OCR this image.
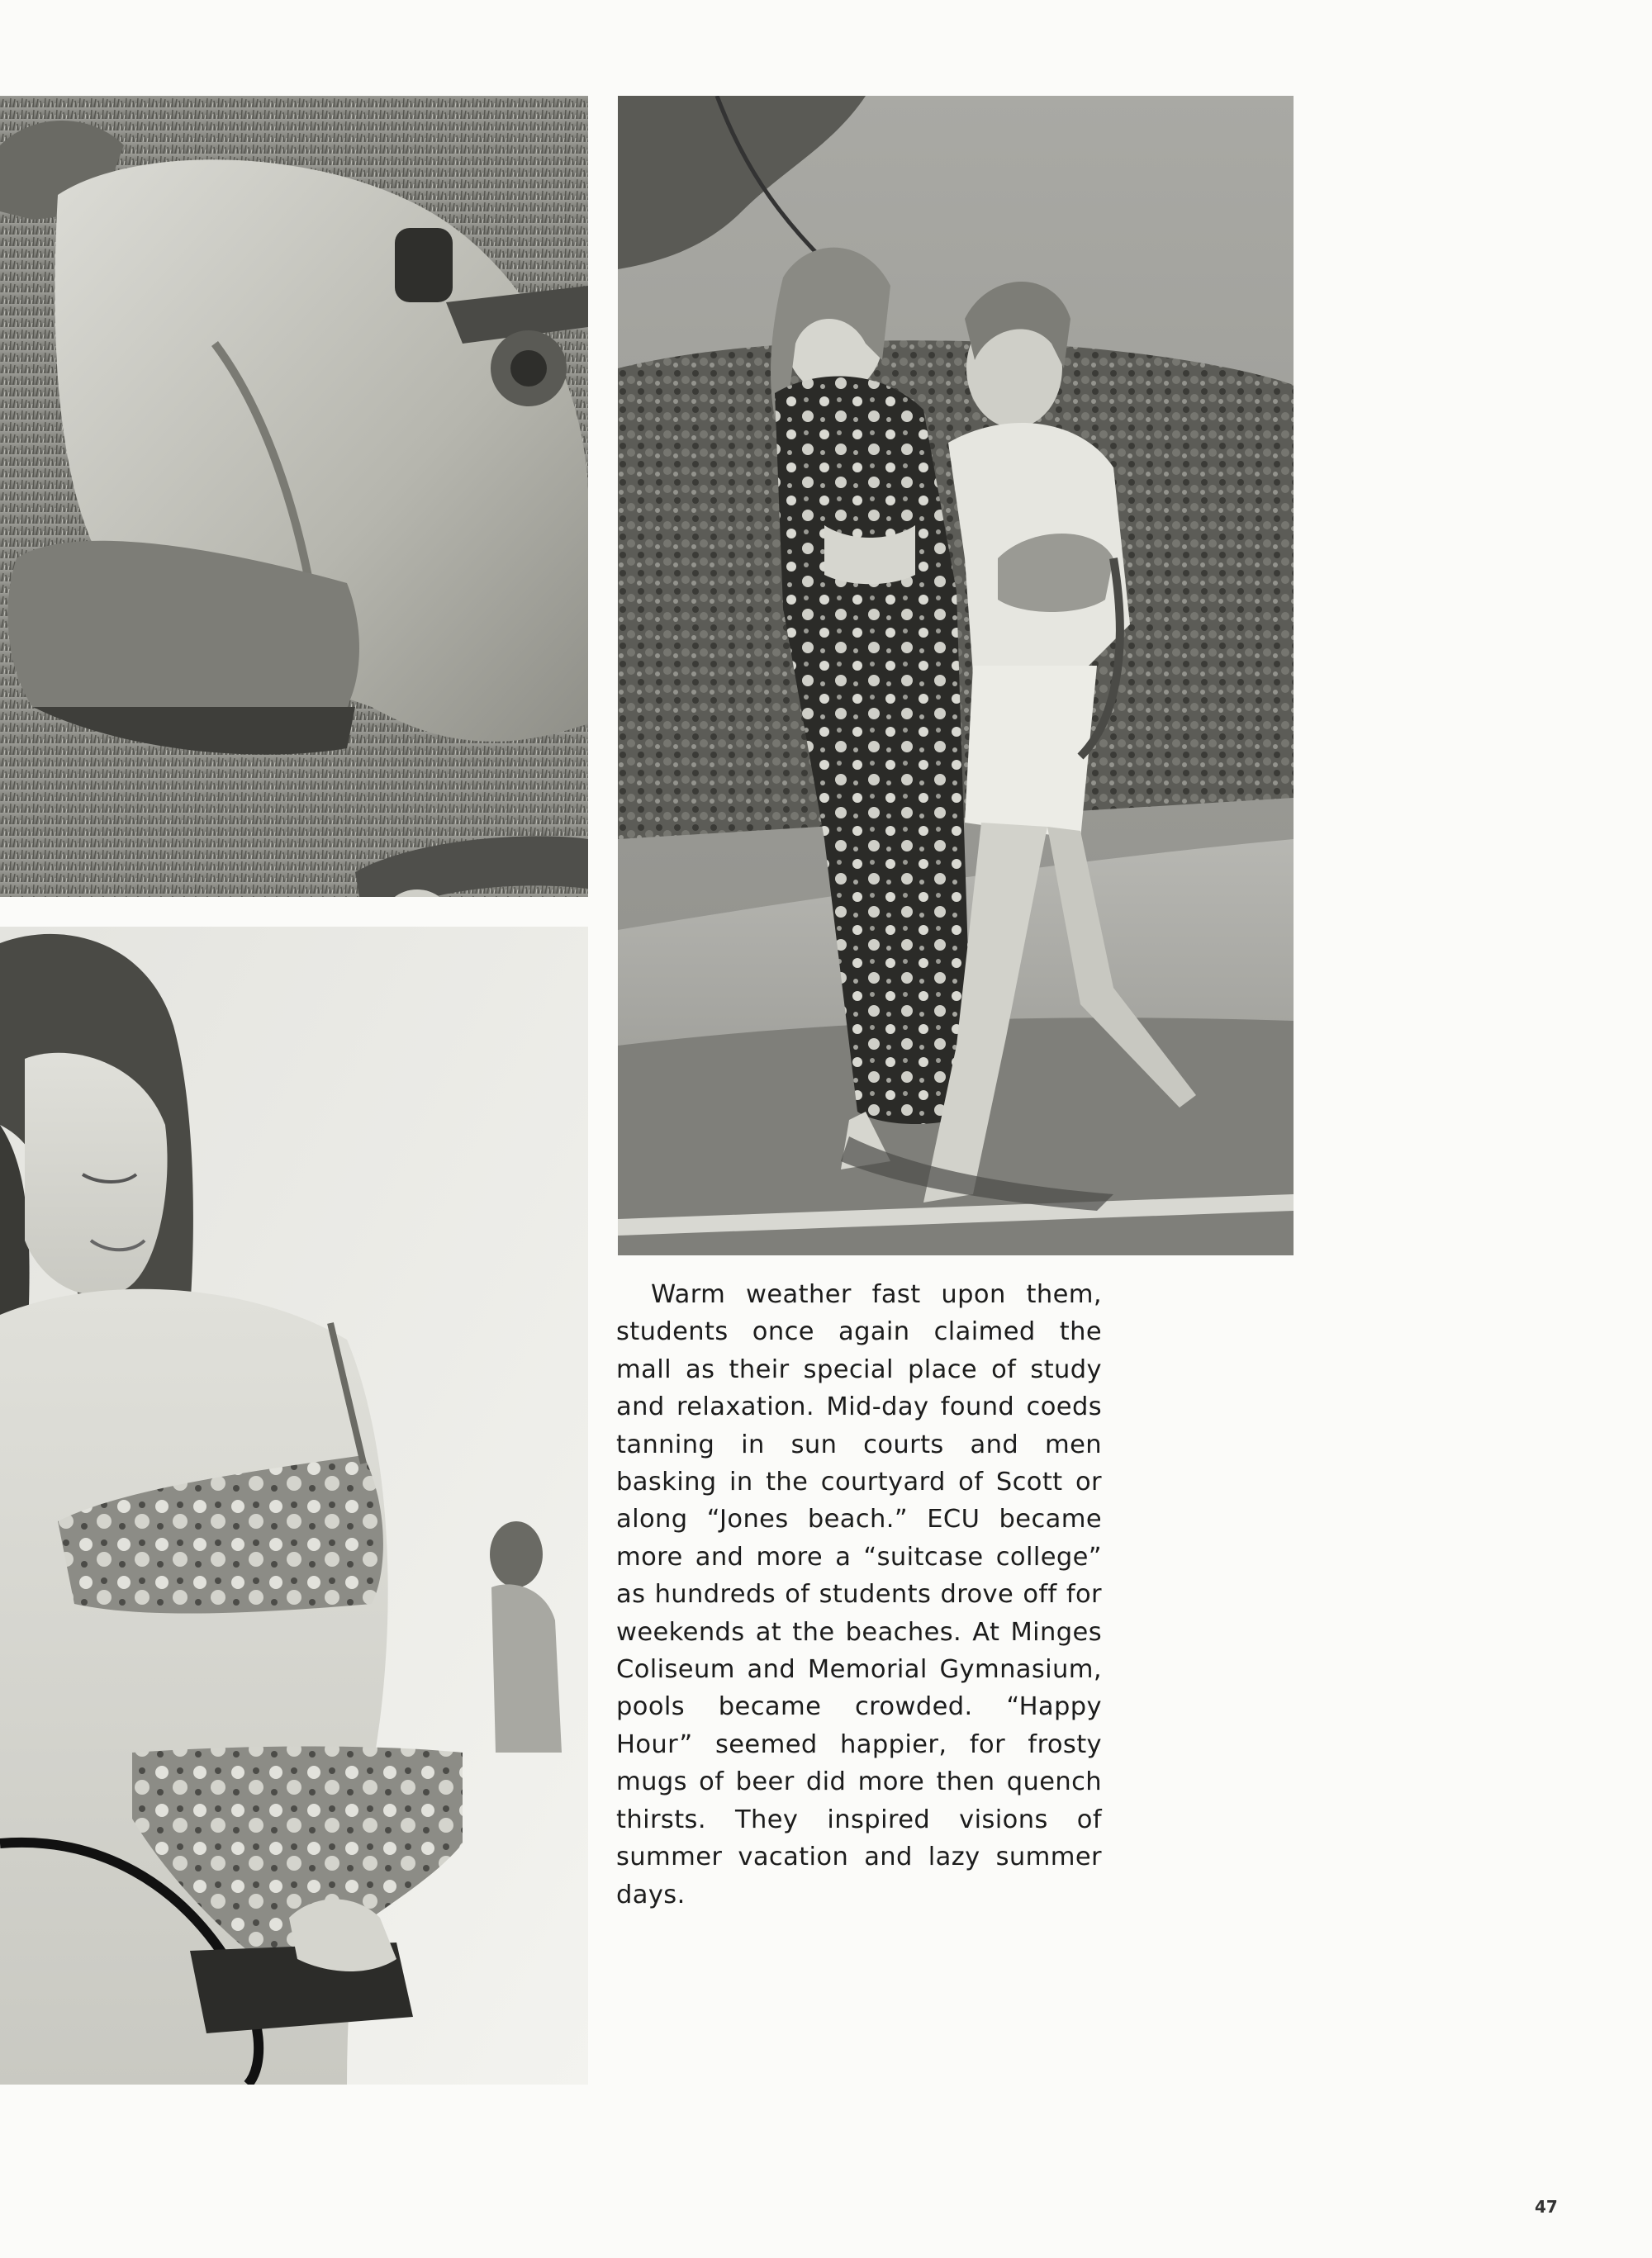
Warm weather fast upon them, students once again claimed the mall as their special place of study and relaxation. Mid-day found coeds tanning in sun courts and men basking in the courtyard of Scott or along “Jones beach.” ECU became more and more a “suitcase college” as hundreds of students drove off for weekends at the beaches. At Minges Coliseum and Memorial Gymnasium, pools became crowded. “Happy Hour” seemed happier, for frosty mugs of beer did more then quench thirsts. They inspired visions of summer vacation and lazy summer days.

47
